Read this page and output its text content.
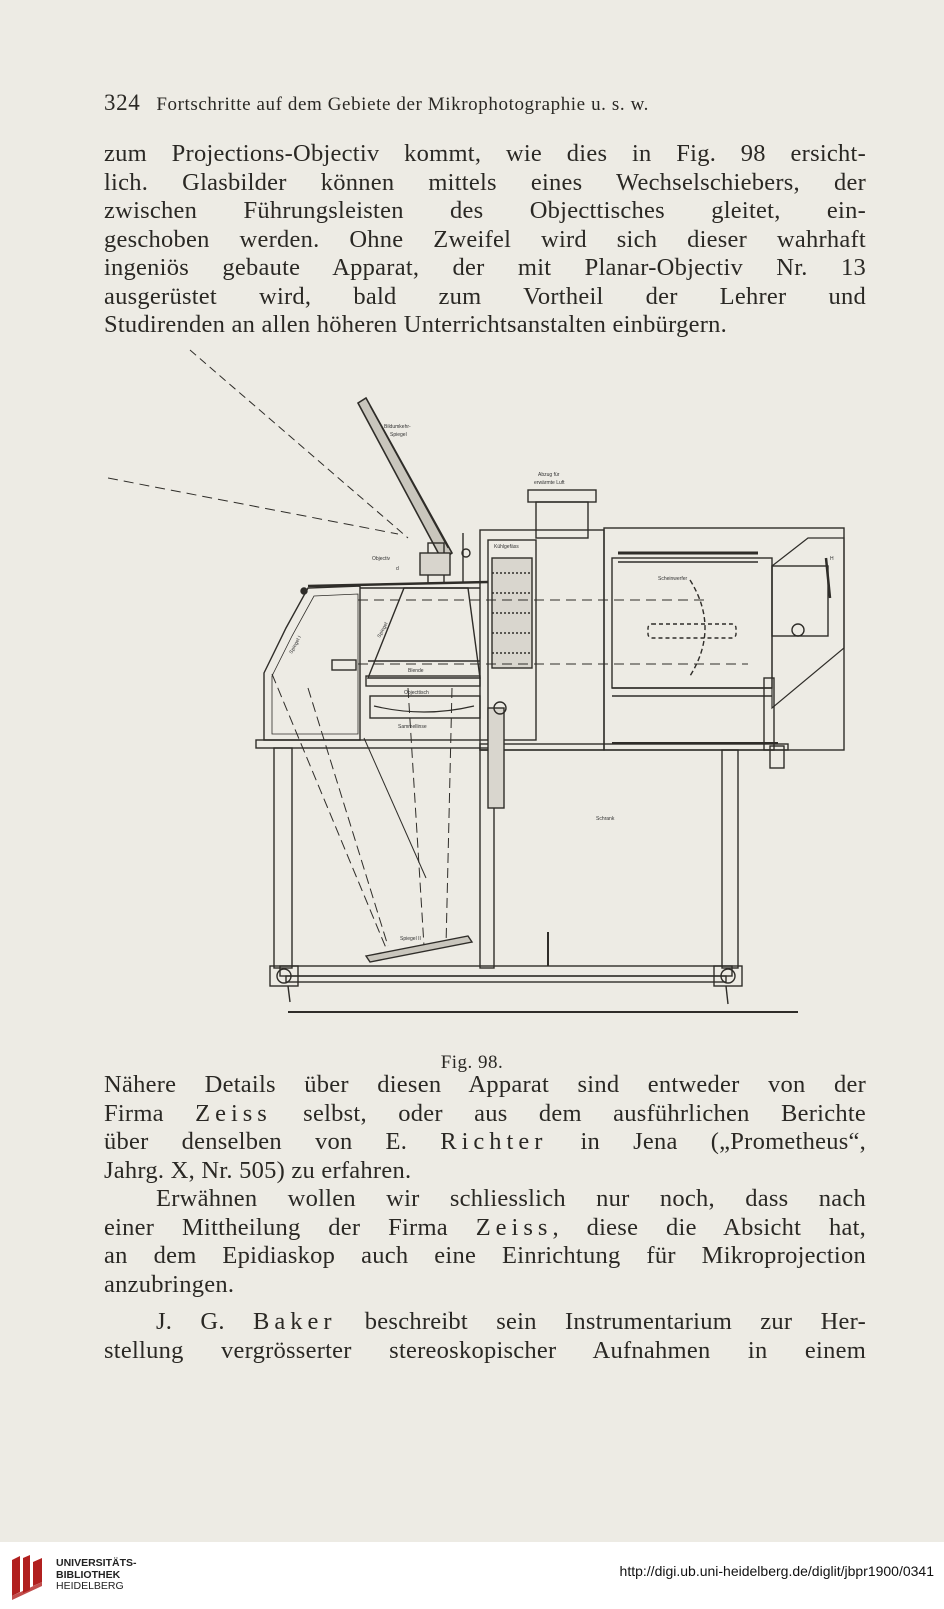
324 Fortschritte auf dem Gebiete der Mikrophotographie u. s. w.
zum Projections-Objectiv kommt, wie dies in Fig. 98 ersicht-
lich. Glasbilder können mittels eines Wechselschiebers, der
zwischen Führungsleisten des Objecttisches gleitet, ein-
geschoben werden. Ohne Zweifel wird sich dieser wahrhaft
ingeniös gebaute Apparat, der mit Planar-Objectiv Nr. 13
ausgerüstet wird, bald zum Vortheil der Lehrer und
Studirenden an allen höheren Unterrichtsanstalten einbürgern.
Bildumkehr-
Spiegel
Abzug für
erwärmte Luft
Kühlgefäss
Scheinwerfer
H
Objectiv
Spiegel I
Spiegel
Blende
Objecttisch
Sammellinse
Schrank
Spiegel II
d
Fig. 98.
Nähere Details über diesen Apparat sind entweder von der
Firma Zeiss selbst, oder aus dem ausführlichen Berichte
über denselben von E. Richter in Jena („Prometheus“,
Jahrg. X, Nr. 505) zu erfahren.
Erwähnen wollen wir schliesslich nur noch, dass nach
einer Mittheilung der Firma Zeiss, diese die Absicht hat,
an dem Epidiaskop auch eine Einrichtung für Mikroprojection
anzubringen.
J. G. Baker beschreibt sein Instrumentarium zur Her-
stellung vergrösserter stereoskopischer Aufnahmen in einem
UNIVERSITÄTS-
BIBLIOTHEK
HEIDELBERG
http://digi.ub.uni-heidelberg.de/diglit/jbpr1900/0341
